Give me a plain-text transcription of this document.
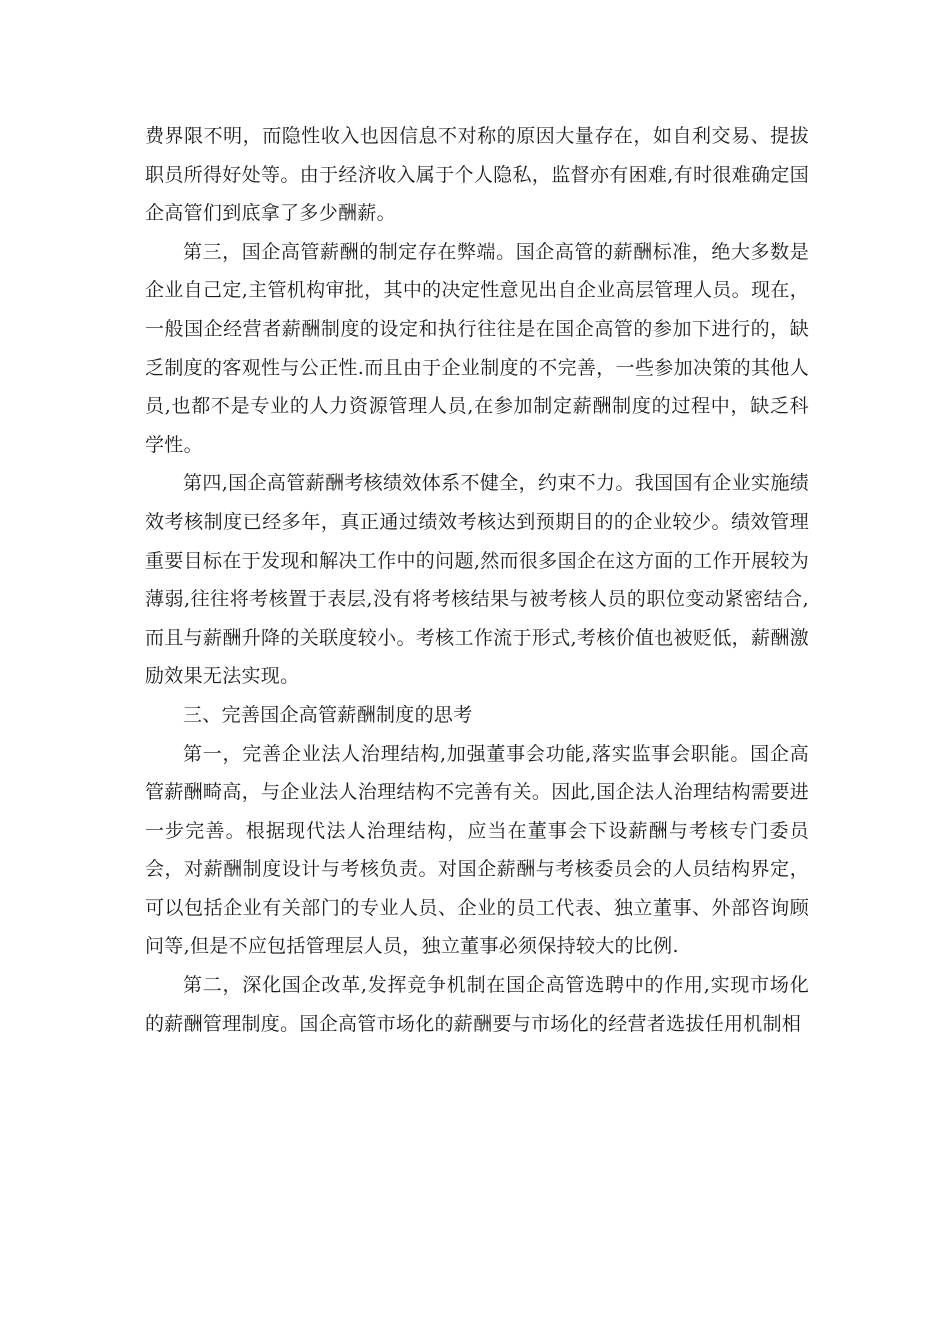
费界限不明，而隐性收入也因信息不对称的原因大量存在，如自利交易、提拔职员所得好处等。由于经济收入属于个人隐私，监督亦有困难,有时很难确定国企高管们到底拿了多少酬薪。

第三，国企高管薪酬的制定存在弊端。国企高管的薪酬标准，绝大多数是企业自己定,主管机构审批，其中的决定性意见出自企业高层管理人员。现在，一般国企经营者薪酬制度的设定和执行往往是在国企高管的参加下进行的，缺乏制度的客观性与公正性.而且由于企业制度的不完善，一些参加决策的其他人员,也都不是专业的人力资源管理人员,在参加制定薪酬制度的过程中，缺乏科学性。

第四,国企高管薪酬考核绩效体系不健全，约束不力。我国国有企业实施绩效考核制度已经多年，真正通过绩效考核达到预期目的的企业较少。绩效管理重要目标在于发现和解决工作中的问题,然而很多国企在这方面的工作开展较为薄弱,往往将考核置于表层,没有将考核结果与被考核人员的职位变动紧密结合,而且与薪酬升降的关联度较小。考核工作流于形式,考核价值也被贬低，薪酬激励效果无法实现。

三、完善国企高管薪酬制度的思考

第一，完善企业法人治理结构,加强董事会功能,落实监事会职能。国企高管薪酬畸高，与企业法人治理结构不完善有关。因此,国企法人治理结构需要进一步完善。根据现代法人治理结构，应当在董事会下设薪酬与考核专门委员会，对薪酬制度设计与考核负责。对国企薪酬与考核委员会的人员结构界定，可以包括企业有关部门的专业人员、企业的员工代表、独立董事、外部咨询顾问等,但是不应包括管理层人员，独立董事必须保持较大的比例.

第二，深化国企改革,发挥竞争机制在国企高管选聘中的作用,实现市场化的薪酬管理制度。国企高管市场化的薪酬要与市场化的经营者选拔任用机制相
